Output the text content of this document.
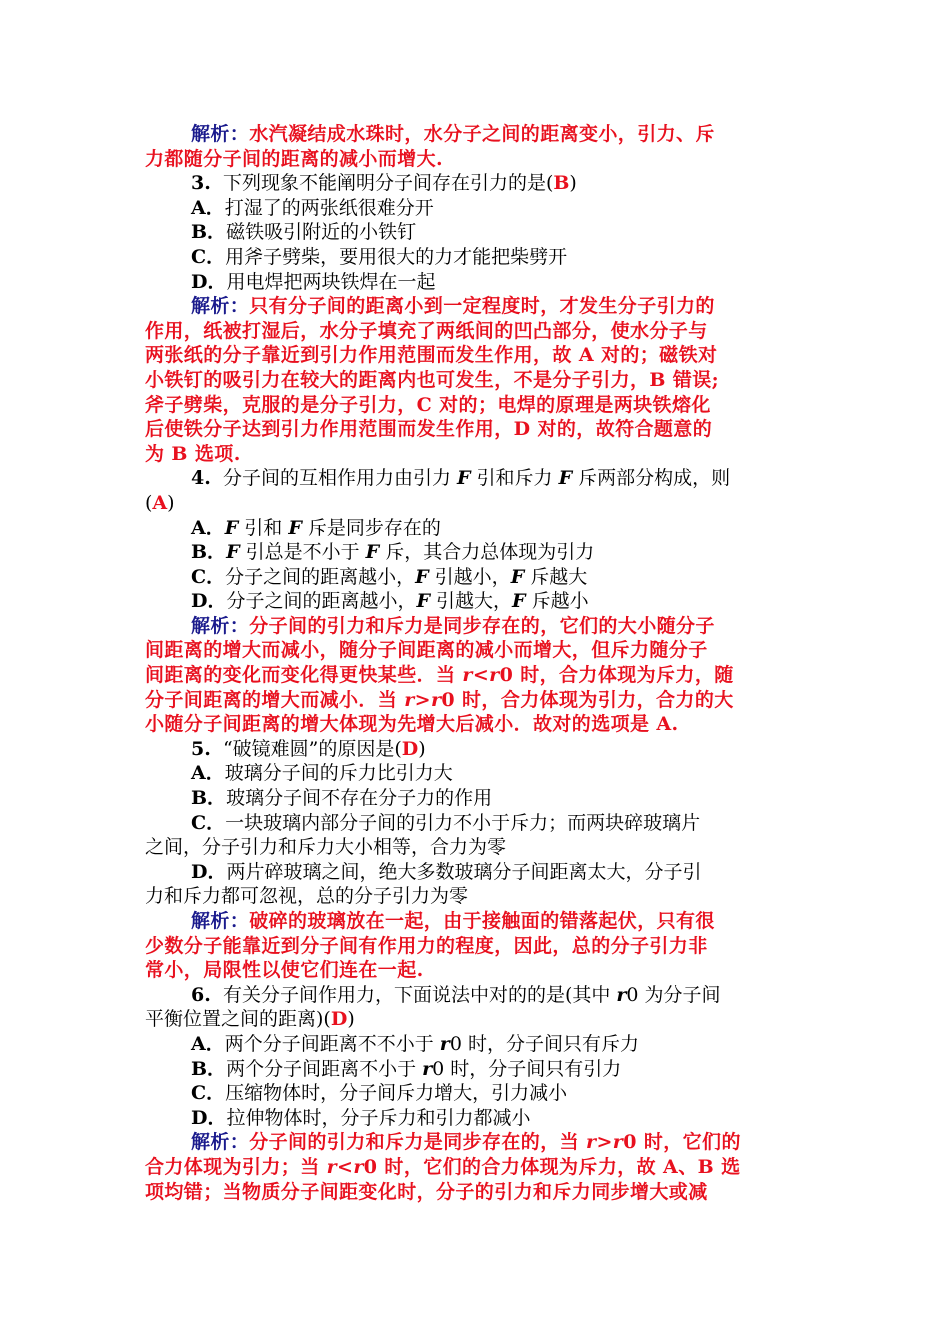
解析：水汽凝结成水珠时，水分子之间的距离变小，引力、斥
力都随分子间的距离的减小而增大.
3. 下列现象不能阐明分子间存在引力的是(B)
A．打湿了的两张纸很难分开
B．磁铁吸引附近的小铁钉
C．用斧子劈柴，要用很大的力才能把柴劈开
D．用电焊把两块铁焊在一起
解析：只有分子间的距离小到一定程度时，才发生分子引力的
作用，纸被打湿后，水分子填充了两纸间的凹凸部分，使水分子与
两张纸的分子靠近到引力作用范围而发生作用，故 A 对的；磁铁对
小铁钉的吸引力在较大的距离内也可发生，不是分子引力，B 错误;
斧子劈柴，克服的是分子引力，C 对的；电焊的原理是两块铁熔化
后使铁分子达到引力作用范围而发生作用，D 对的，故符合题意的
为 B 选项.
4. 分子间的互相作用力由引力 F 引和斥力 F 斥两部分构成，则
(A)
A．F 引和 F 斥是同步存在的
B．F 引总是不小于 F 斥，其合力总体现为引力
C．分子之间的距离越小，F 引越小，F 斥越大
D．分子之间的距离越小，F 引越大，F 斥越小
解析：分子间的引力和斥力是同步存在的，它们的大小随分子
间距离的增大而减小，随分子间距离的减小而增大，但斥力随分子
间距离的变化而变化得更快某些．当 r<r0 时，合力体现为斥力，随
分子间距离的增大而减小．当 r>r0 时，合力体现为引力，合力的大
小随分子间距离的增大体现为先增大后减小．故对的选项是 A.
5. “破镜难圆”的原因是(D)
A．玻璃分子间的斥力比引力大
B．玻璃分子间不存在分子力的作用
C．一块玻璃内部分子间的引力不小于斥力；而两块碎玻璃片
之间，分子引力和斥力大小相等，合力为零
D．两片碎玻璃之间，绝大多数玻璃分子间距离太大，分子引
力和斥力都可忽视，总的分子引力为零
解析：破碎的玻璃放在一起，由于接触面的错落起伏，只有很
少数分子能靠近到分子间有作用力的程度，因此，总的分子引力非
常小，局限性以使它们连在一起.
6. 有关分子间作用力，下面说法中对的的是(其中 r0 为分子间
平衡位置之间的距离)(D)
A．两个分子间距离不不小于 r0 时，分子间只有斥力
B．两个分子间距离不小于 r0 时，分子间只有引力
C．压缩物体时，分子间斥力增大，引力减小
D．拉伸物体时，分子斥力和引力都减小
解析：分子间的引力和斥力是同步存在的，当 r>r0 时，它们的
合力体现为引力；当 r<r0 时，它们的合力体现为斥力，故 A、B 选
项均错；当物质分子间距变化时，分子的引力和斥力同步增大或减
